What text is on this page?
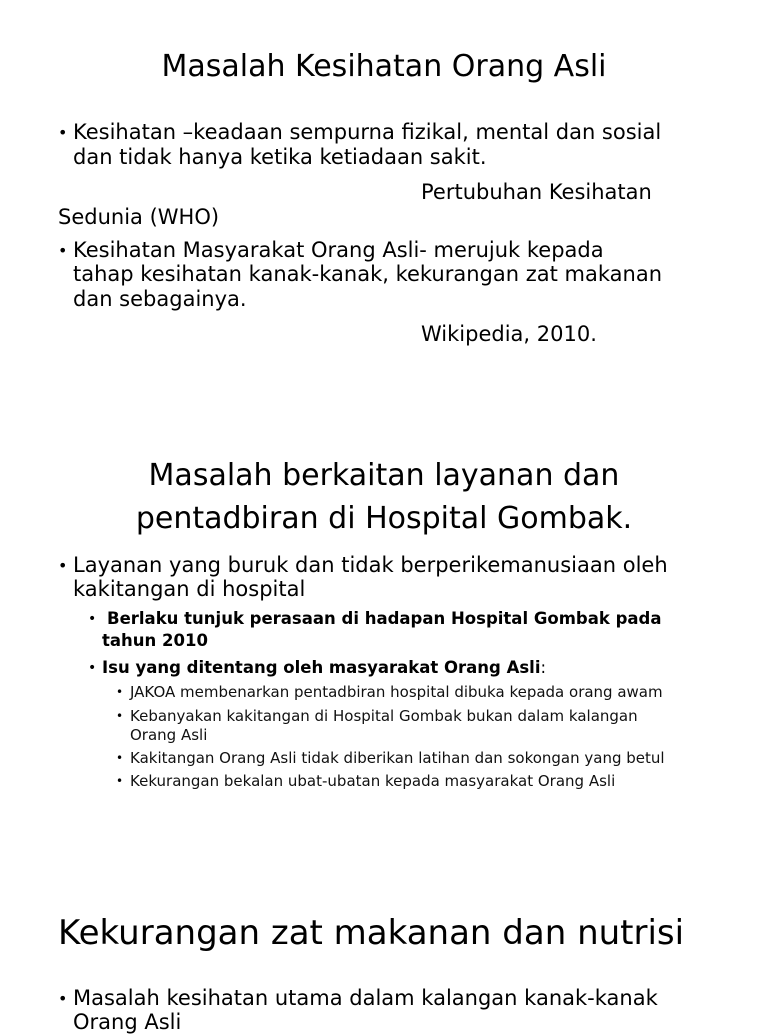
Masalah Kesihatan Orang Asli
• Kesihatan –keadaan sempurna fizikal, mental dan sosial

dan tidak hanya ketika ketiadaan sakit.

Pertubuhan Kesihatan

Sedunia (WHO)

• Kesihatan Masyarakat Orang Asli- merujuk kepada

tahap kesihatan kanak-kanak, kekurangan zat makanan

dan sebagainya.

Wikipedia, 2010.

Masalah berkaitan layanan dan
pentadbiran di Hospital Gombak.
• Layanan yang buruk dan tidak berperikemanusiaan oleh

kakitangan di hospital

• Berlaku tunjuk perasaan di hadapan Hospital Gombak pada

tahun 2010

• Isu yang ditentang oleh masyarakat Orang Asli:

• JAKOA membenarkan pentadbiran hospital dibuka kepada orang awam

• Kebanyakan kakitangan di Hospital Gombak bukan dalam kalangan

Orang Asli

• Kakitangan Orang Asli tidak diberikan latihan dan sokongan yang betul

• Kekurangan bekalan ubat-ubatan kepada masyarakat Orang Asli

Kekurangan zat makanan dan nutrisi
• Masalah kesihatan utama dalam kalangan kanak-kanak

Orang Asli
